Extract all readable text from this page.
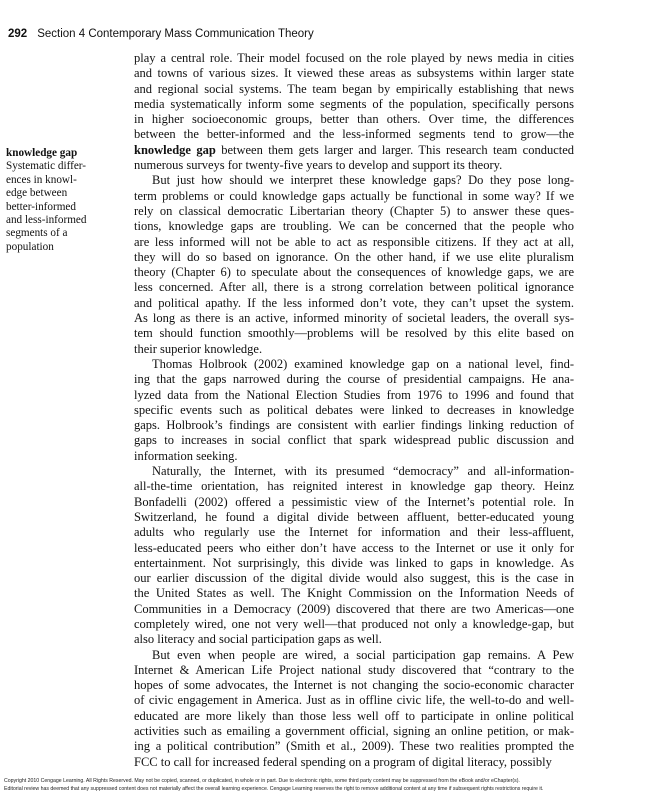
292 Section 4 Contemporary Mass Communication Theory
knowledge gap
Systematic differ-
ences in knowl-
edge between
better-informed
and less-informed
segments of a
population
play a central role. Their model focused on the role played by news media in cities
and towns of various sizes. It viewed these areas as subsystems within larger state
and regional social systems. The team began by empirically establishing that news
media systematically inform some segments of the population, specifically persons
in higher socioeconomic groups, better than others. Over time, the differences
between the better-informed and the less-informed segments tend to grow—the
knowledge gap between them gets larger and larger. This research team conducted
numerous surveys for twenty-five years to develop and support its theory.
But just how should we interpret these knowledge gaps? Do they pose long-
term problems or could knowledge gaps actually be functional in some way? If we
rely on classical democratic Libertarian theory (Chapter 5) to answer these ques-
tions, knowledge gaps are troubling. We can be concerned that the people who
are less informed will not be able to act as responsible citizens. If they act at all,
they will do so based on ignorance. On the other hand, if we use elite pluralism
theory (Chapter 6) to speculate about the consequences of knowledge gaps, we are
less concerned. After all, there is a strong correlation between political ignorance
and political apathy. If the less informed don’t vote, they can’t upset the system.
As long as there is an active, informed minority of societal leaders, the overall sys-
tem should function smoothly—problems will be resolved by this elite based on
their superior knowledge.
Thomas Holbrook (2002) examined knowledge gap on a national level, find-
ing that the gaps narrowed during the course of presidential campaigns. He ana-
lyzed data from the National Election Studies from 1976 to 1996 and found that
specific events such as political debates were linked to decreases in knowledge
gaps. Holbrook’s findings are consistent with earlier findings linking reduction of
gaps to increases in social conflict that spark widespread public discussion and
information seeking.
Naturally, the Internet, with its presumed “democracy” and all-information-
all-the-time orientation, has reignited interest in knowledge gap theory. Heinz
Bonfadelli (2002) offered a pessimistic view of the Internet’s potential role. In
Switzerland, he found a digital divide between affluent, better-educated young
adults who regularly use the Internet for information and their less-affluent,
less-educated peers who either don’t have access to the Internet or use it only for
entertainment. Not surprisingly, this divide was linked to gaps in knowledge. As
our earlier discussion of the digital divide would also suggest, this is the case in
the United States as well. The Knight Commission on the Information Needs of
Communities in a Democracy (2009) discovered that there are two Americas—one
completely wired, one not very well—that produced not only a knowledge-gap, but
also literacy and social participation gaps as well.
But even when people are wired, a social participation gap remains. A Pew
Internet & American Life Project national study discovered that “contrary to the
hopes of some advocates, the Internet is not changing the socio-economic character
of civic engagement in America. Just as in offline civic life, the well-to-do and well-
educated are more likely than those less well off to participate in online political
activities such as emailing a government official, signing an online petition, or mak-
ing a political contribution” (Smith et al., 2009). These two realities prompted the
FCC to call for increased federal spending on a program of digital literacy, possibly
Copyright 2010 Cengage Learning. All Rights Reserved. May not be copied, scanned, or duplicated, in whole or in part. Due to electronic rights, some third party content may be suppressed from the eBook and/or eChapter(s).
Editorial review has deemed that any suppressed content does not materially affect the overall learning experience. Cengage Learning reserves the right to remove additional content at any time if subsequent rights restrictions require it.
